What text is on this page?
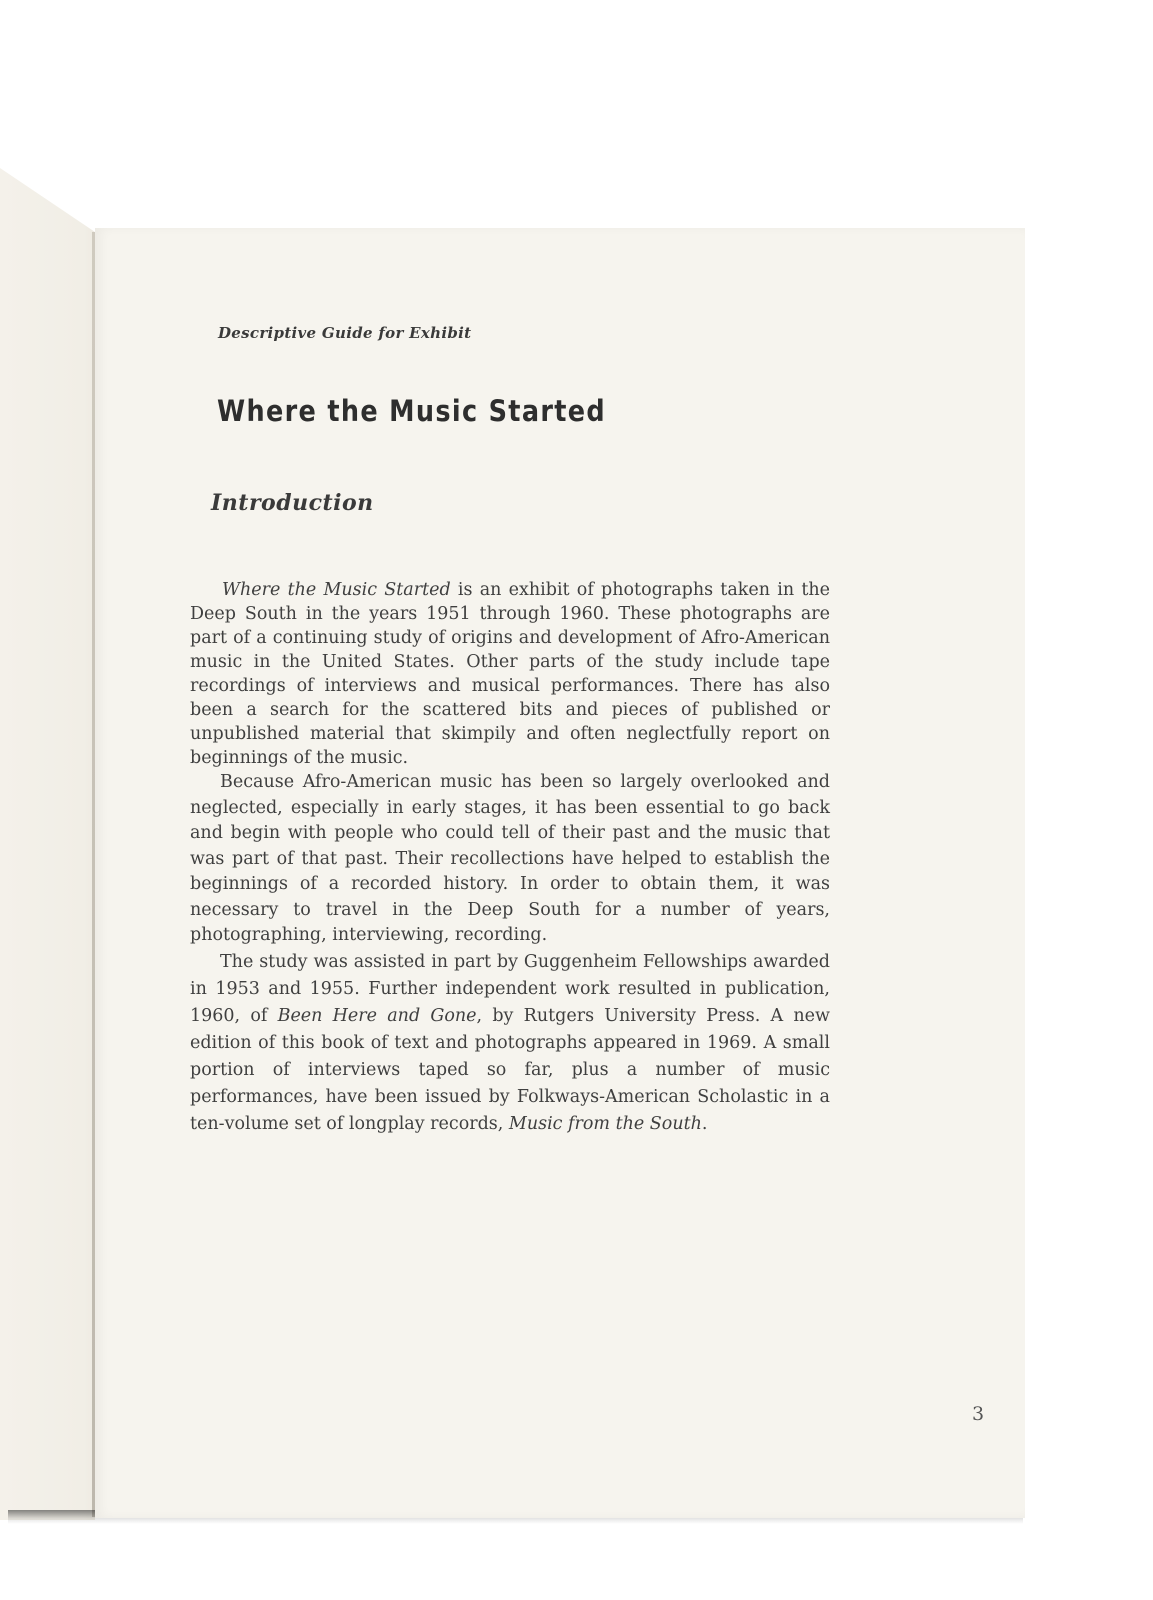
Descriptive Guide for Exhibit

Where the Music Started
Introduction

Where the Music Started is an exhibit of photographs taken in the Deep South in the years 1951 through 1960. These photographs are part of a continuing study of origins and development of Afro-American music in the United States. Other parts of the study include tape recordings of interviews and musical performances. There has also been a search for the scattered bits and pieces of published or unpublished material that skimpily and often neglectfully report on beginnings of the music.

Because Afro-American music has been so largely overlooked and neglected, especially in early stages, it has been essential to go back and begin with people who could tell of their past and the music that was part of that past. Their recollections have helped to establish the beginnings of a recorded history. In order to obtain them, it was necessary to travel in the Deep South for a number of years, photographing, interviewing, recording.

The study was assisted in part by Guggenheim Fellowships awarded in 1953 and 1955. Further independent work resulted in publication, 1960, of Been Here and Gone, by Rutgers University Press. A new edition of this book of text and photographs appeared in 1969. A small portion of interviews taped so far, plus a number of music performances, have been issued by Folkways-American Scholastic in a ten-volume set of longplay records, Music from the South.

3
